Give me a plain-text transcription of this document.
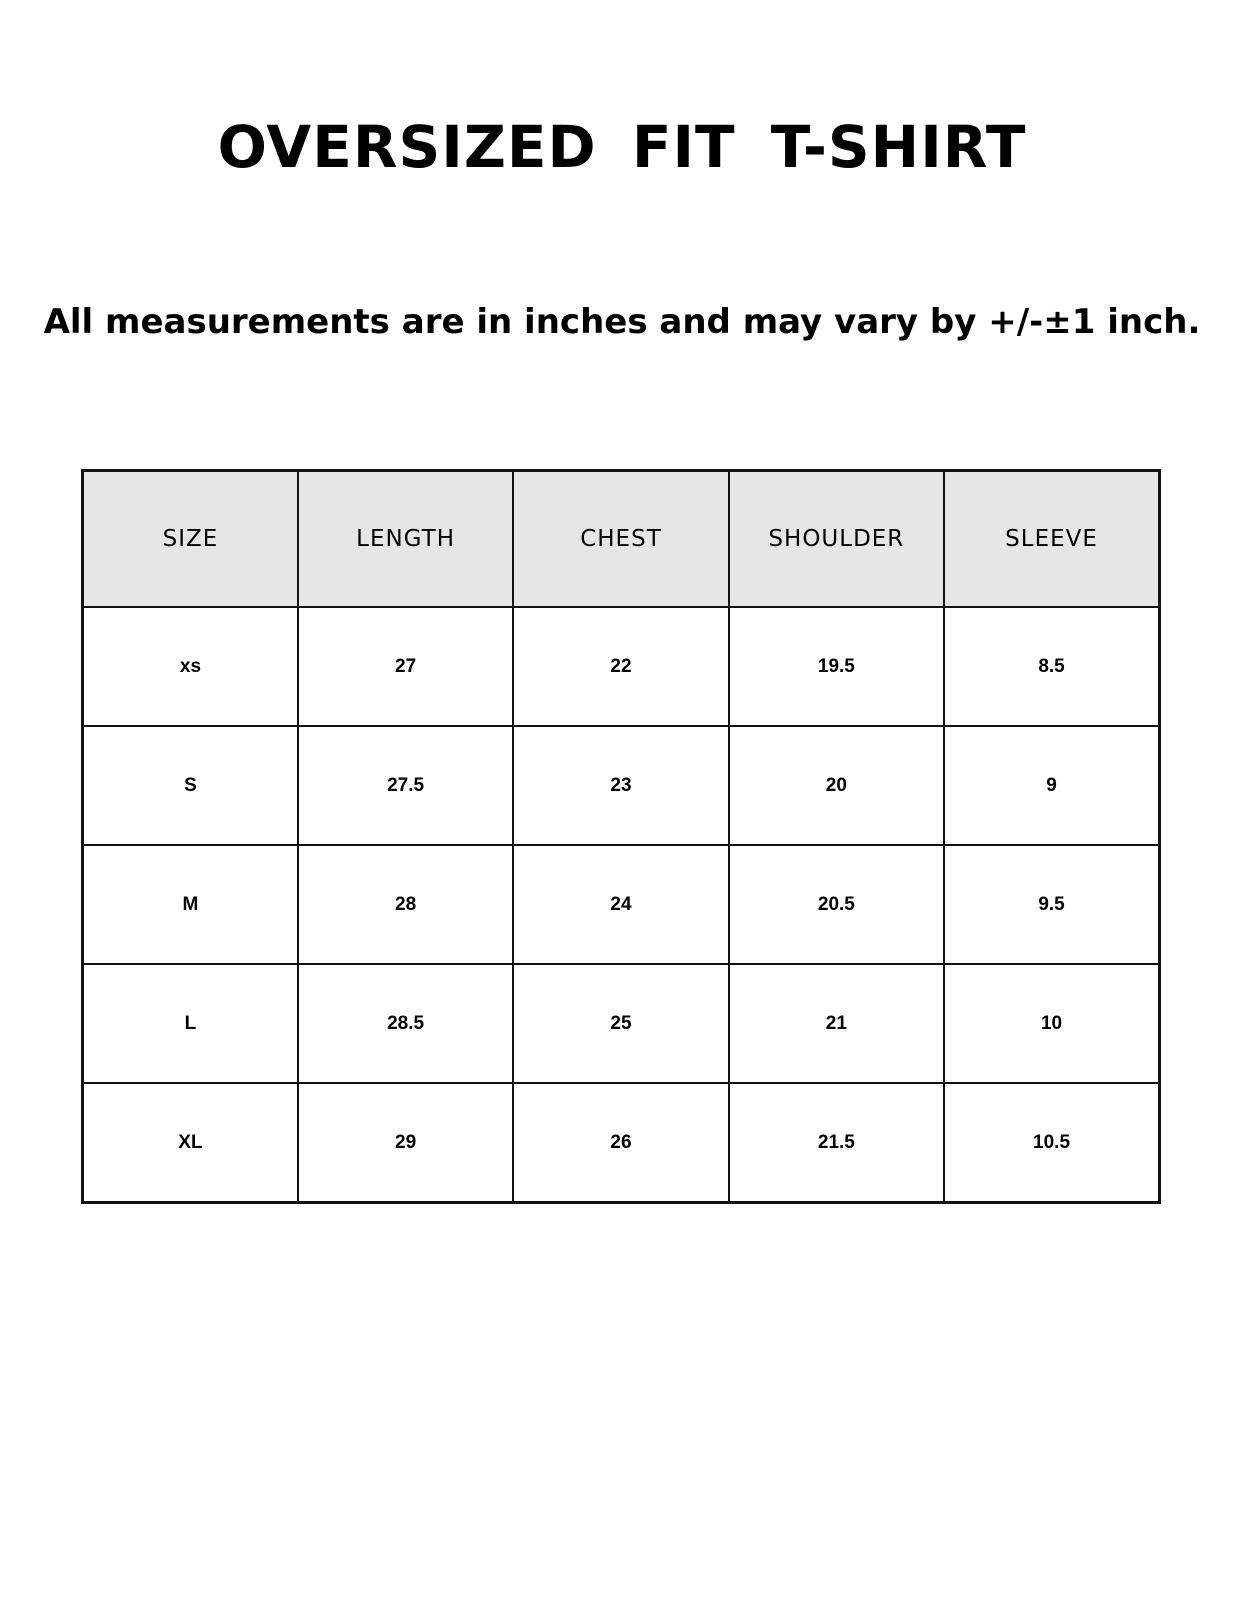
OVERSIZED FIT T-SHIRT

All measurements are in inches and may vary by +/-±1 inch.

SIZE	LENGTH	CHEST	SHOULDER	SLEEVE
xs	27	22	19.5	8.5
S	27.5	23	20	9
M	28	24	20.5	9.5
L	28.5	25	21	10
XL	29	26	21.5	10.5
